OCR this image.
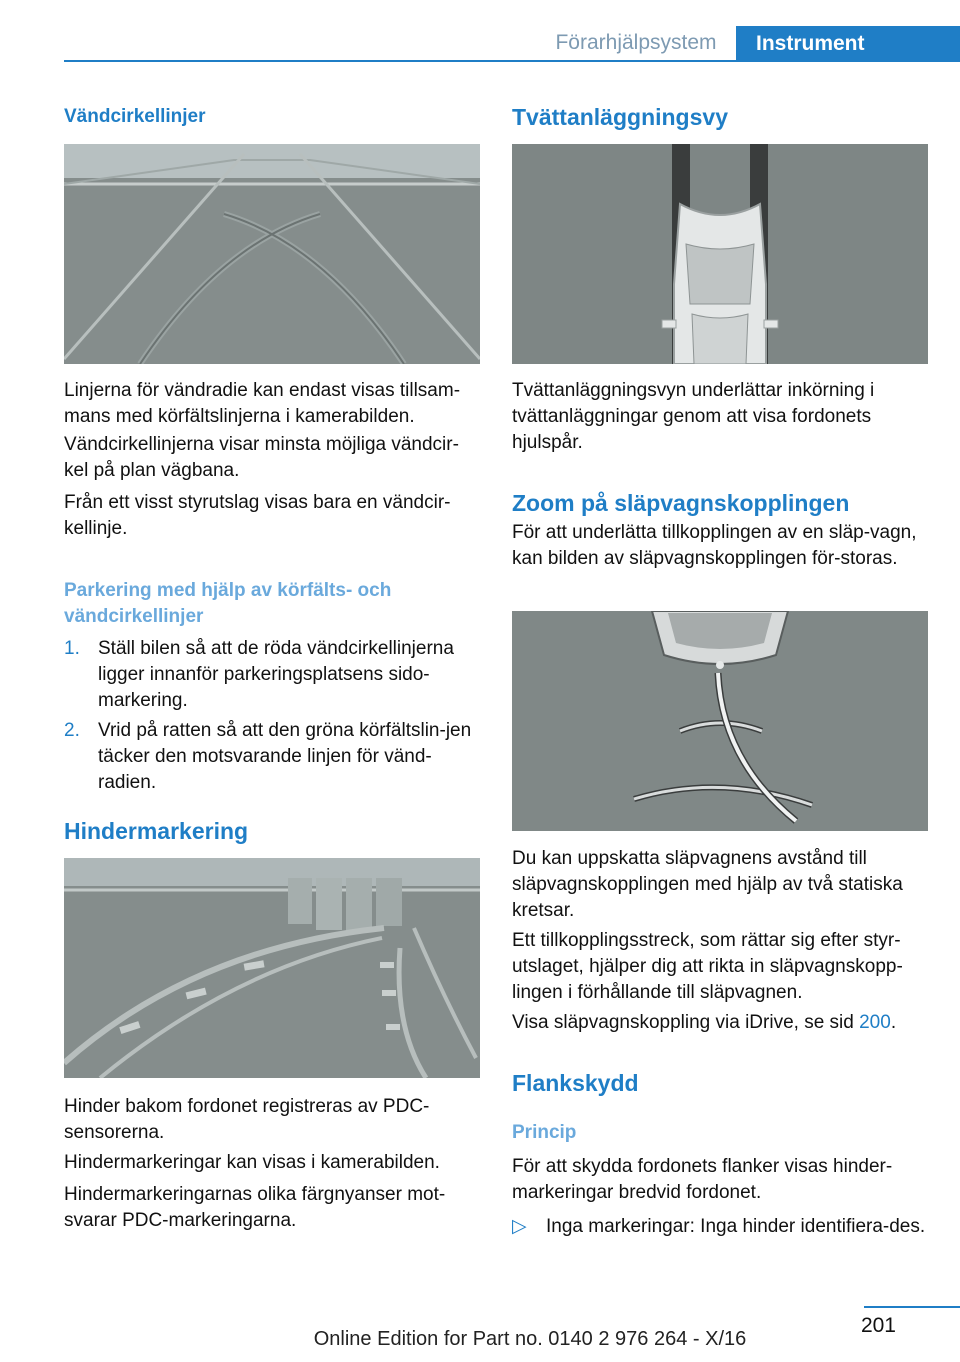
Förarhjälpsystem	Instrument
Vändcirkellinjer
Linjerna för vändradie kan endast visas tillsam-mans med körfältslinjerna i kamerabilden.
Vändcirkellinjerna visar minsta möjliga vändcir-kel på plan vägbana.
Från ett visst styrutslag visas bara en vändcir-kellinje.
Parkering med hjälp av körfälts- och vändcirkellinjer
1. Ställ bilen så att de röda vändcirkellinjerna ligger innanför parkeringsplatsens sido-markering.
2. Vrid på ratten så att den gröna körfältslin-jen täcker den motsvarande linjen för vänd-radien.
Hindermarkering
Hinder bakom fordonet registreras av PDC-sensorerna.
Hindermarkeringar kan visas i kamerabilden.
Hindermarkeringarnas olika färgnyanser mot-svarar PDC-markeringarna.
Tvättanläggningsvy
Tvättanläggningsvyn underlättar inkörning i tvättanläggningar genom att visa fordonets hjulspår.
Zoom på släpvagnskopplingen
För att underlätta tillkopplingen av en släp-vagn, kan bilden av släpvagnskopplingen för-storas.
Du kan uppskatta släpvagnens avstånd till släpvagnskopplingen med hjälp av två statiska kretsar.
Ett tillkopplingsstreck, som rättar sig efter styr-utslaget, hjälper dig att rikta in släpvagnskopp-lingen i förhållande till släpvagnen.
Visa släpvagnskoppling via iDrive, se sid 200.
Flankskydd
Princip
För att skydda fordonets flanker visas hinder-markeringar bredvid fordonet.
▷ Inga markeringar: Inga hinder identifiera-des.
201
Online Edition for Part no. 0140 2 976 264 - X/16
